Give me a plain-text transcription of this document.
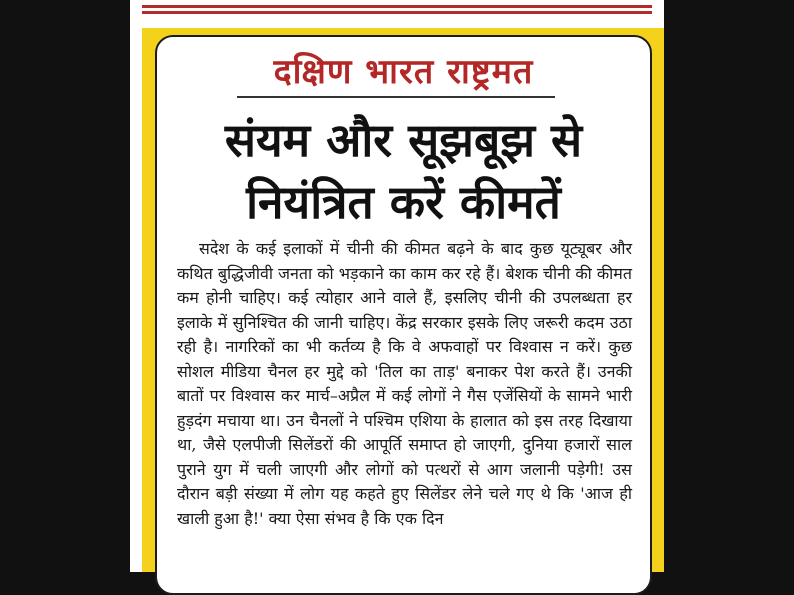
दक्षिण भारत राष्ट्रमत
संयम और सूझबूझ से
नियंत्रित करें कीमतें

सदेश के कई इलाकों में चीनी की कीमत बढ़ने के बाद कुछ यूट्यूबर और कथित बुद्धिजीवी जनता को भड़काने का काम कर रहे हैं। बेशक चीनी की कीमत कम होनी चाहिए। कई त्योहार आने वाले हैं, इसलिए चीनी की उपलब्धता हर इलाके में सुनिश्चित की जानी चाहिए। केंद्र सरकार इसके लिए जरूरी कदम उठा रही है। नागरिकों का भी कर्तव्य है कि वे अफवाहों पर विश्वास न करें। कुछ सोशल मीडिया चैनल हर मुद्दे को 'तिल का ताड़' बनाकर पेश करते हैं। उनकी बातों पर विश्वास कर मार्च–अप्रैल में कई लोगों ने गैस एजेंसियों के सामने भारी हुड़दंग मचाया था। उन चैनलों ने पश्चिम एशिया के हालात को इस तरह दिखाया था, जैसे एलपीजी सिलेंडरों की आपूर्ति समाप्त हो जाएगी, दुनिया हजारों साल पुराने युग में चली जाएगी और लोगों को पत्थरों से आग जलानी पड़ेगी! उस दौरान बड़ी संख्या में लोग यह कहते हुए सिलेंडर लेने चले गए थे कि 'आज ही खाली हुआ है!' क्या ऐसा संभव है कि एक दिन
